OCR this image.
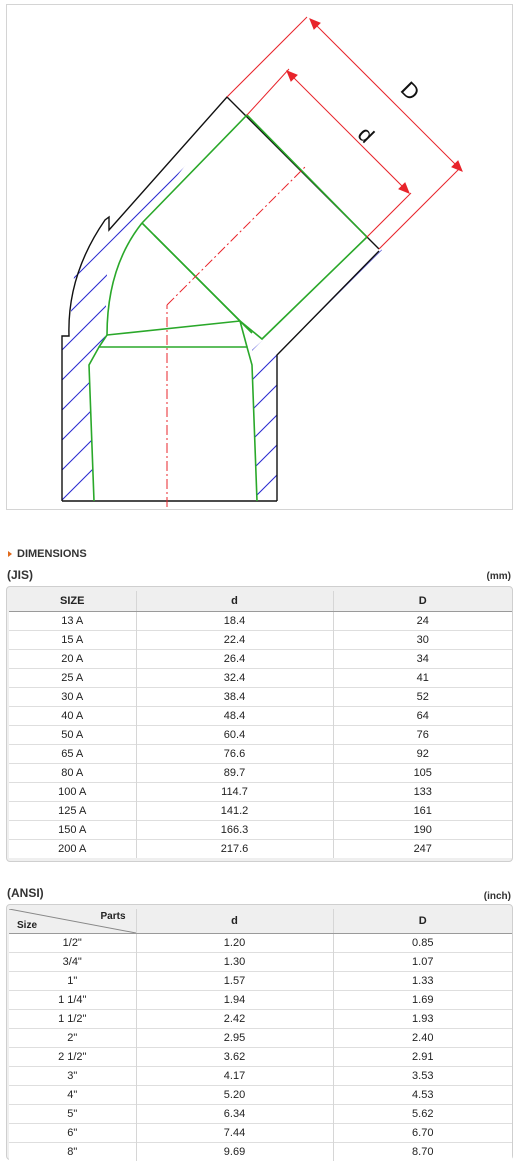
D
d
DIMENSIONS
(JIS)	(mm)
SIZE	d	D
13 A	18.4	24
15 A	22.4	30
20 A	26.4	34
25 A	32.4	41
30 A	38.4	52
40 A	48.4	64
50 A	60.4	76
65 A	76.6	92
80 A	89.7	105
100 A	114.7	133
125 A	141.2	161
150 A	166.3	190
200 A	217.6	247
(ANSI)	(inch)
Parts
Size	d	D
1/2"	1.20	0.85
3/4"	1.30	1.07
1"	1.57	1.33
1 1/4"	1.94	1.69
1 1/2"	2.42	1.93
2"	2.95	2.40
2 1/2"	3.62	2.91
3"	4.17	3.53
4"	5.20	4.53
5"	6.34	5.62
6"	7.44	6.70
8"	9.69	8.70
